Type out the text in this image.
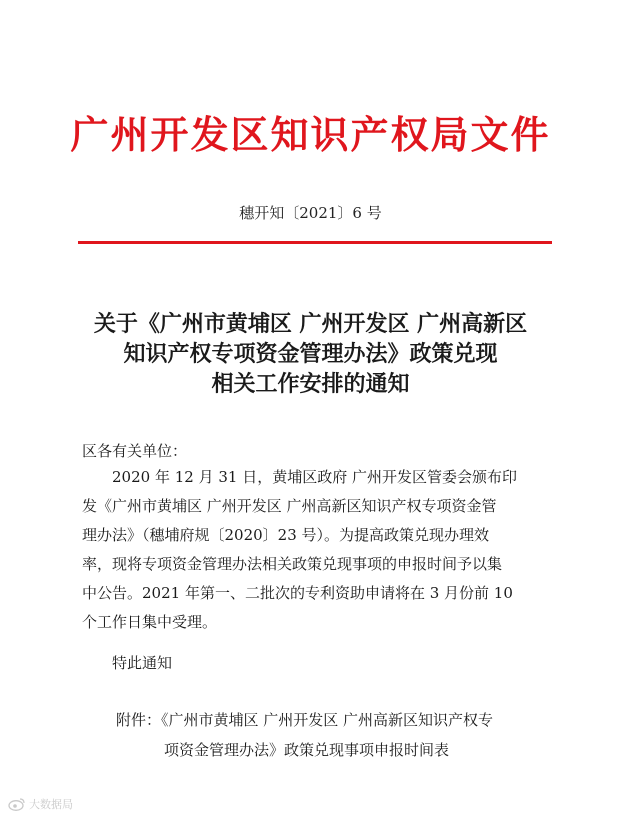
广州开发区知识产权局文件
穗开知〔2021〕6 号
关于《广州市黄埔区 广州开发区 广州高新区
知识产权专项资金管理办法》政策兑现
相关工作安排的通知
区各有关单位：
2020 年 12 月 31 日，黄埔区政府 广州开发区管委会颁布印
发《广州市黄埔区 广州开发区 广州高新区知识产权专项资金管
理办法》（穗埔府规〔2020〕23 号）。为提高政策兑现办理效
率，现将专项资金管理办法相关政策兑现事项的申报时间予以集
中公告。2021 年第一、二批次的专利资助申请将在 3 月份前 10
个工作日集中受理。
特此通知
附件：《广州市黄埔区 广州开发区 广州高新区知识产权专
项资金管理办法》政策兑现事项申报时间表
大数据局
